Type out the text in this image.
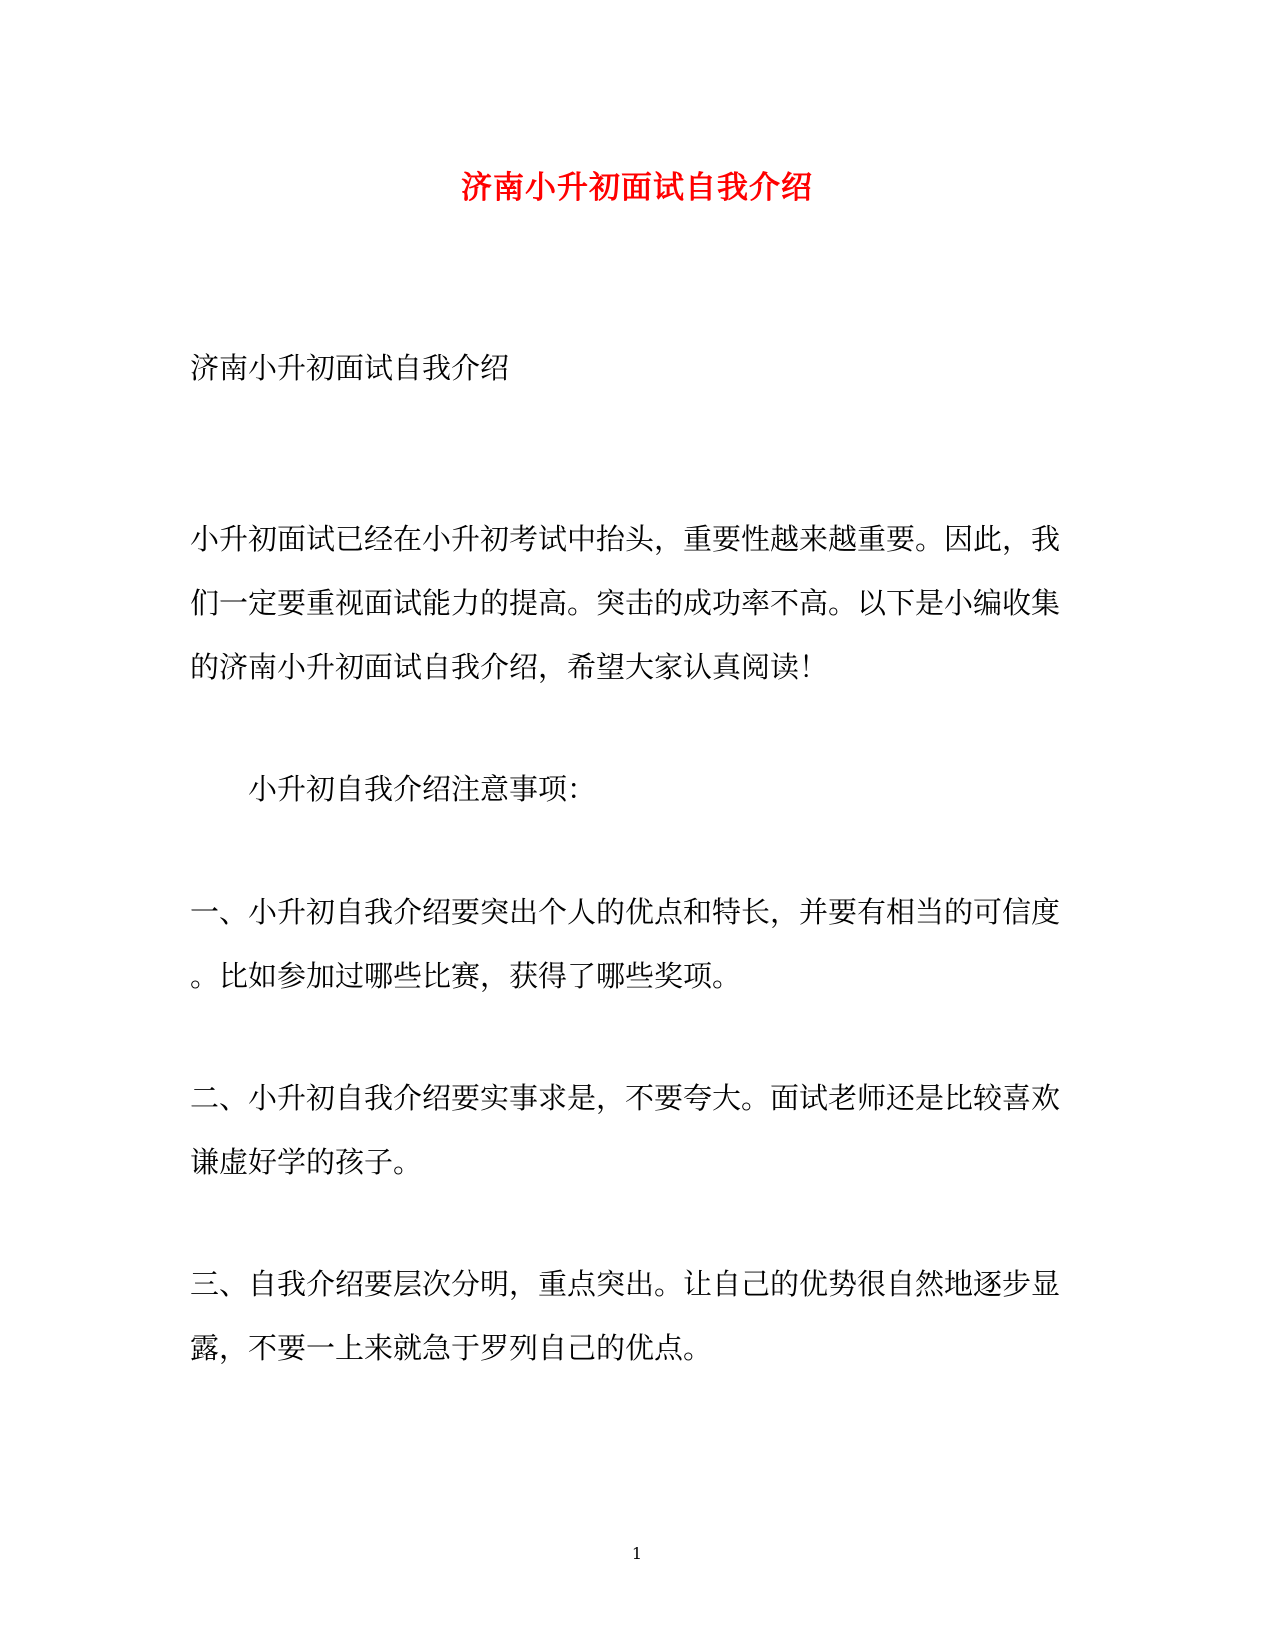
济南小升初面试自我介绍

济南小升初面试自我介绍

小升初面试已经在小升初考试中抬头，重要性越来越重要。因此，我
们一定要重视面试能力的提高。突击的成功率不高。以下是小编收集
的济南小升初面试自我介绍，希望大家认真阅读！

小升初自我介绍注意事项：

一、小升初自我介绍要突出个人的优点和特长，并要有相当的可信度
。比如参加过哪些比赛，获得了哪些奖项。

二、小升初自我介绍要实事求是，不要夸大。面试老师还是比较喜欢
谦虚好学的孩子。

三、自我介绍要层次分明，重点突出。让自己的优势很自然地逐步显
露，不要一上来就急于罗列自己的优点。

1
